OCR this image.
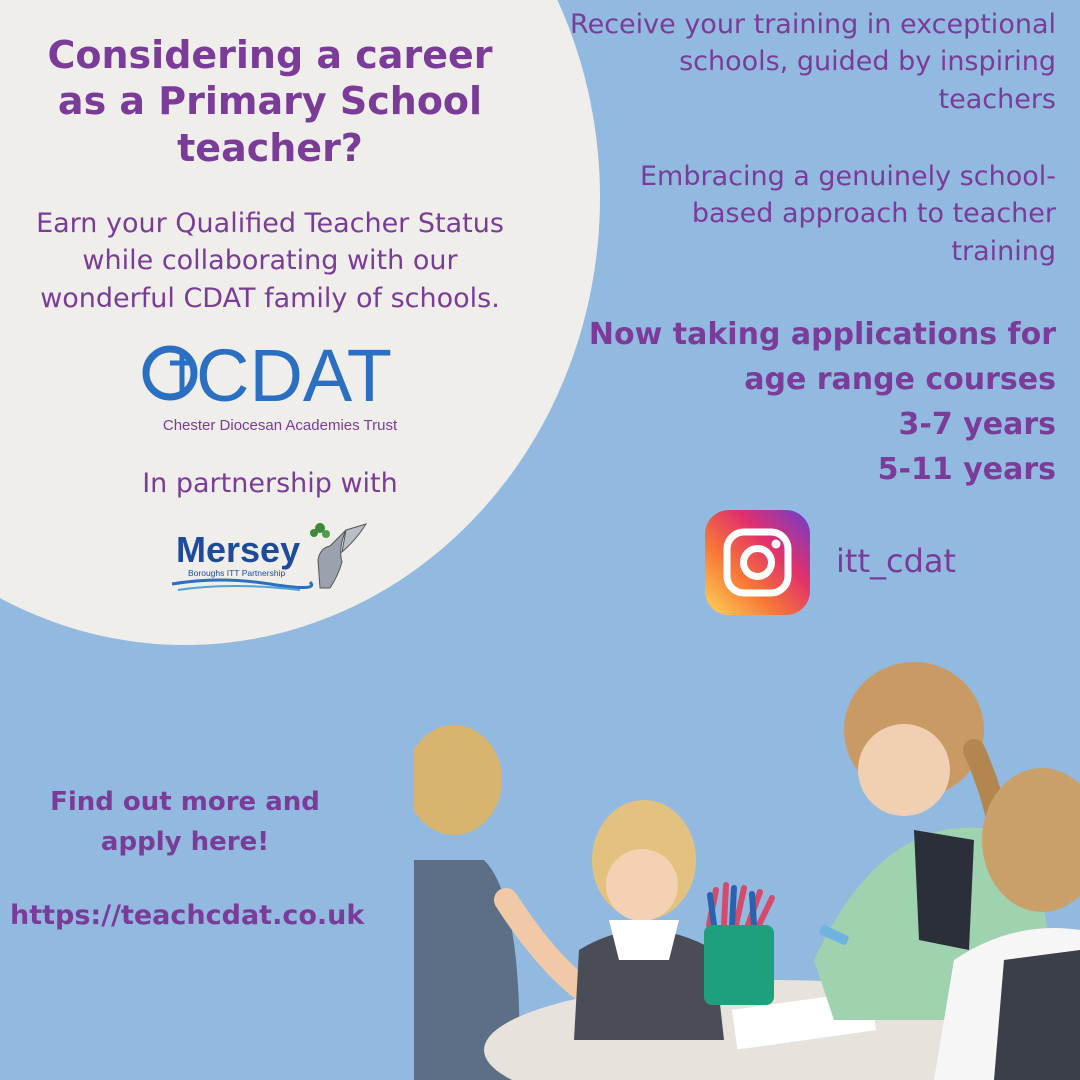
Considering a career as a Primary School teacher?

Earn your Qualified Teacher Status while collaborating with our wonderful CDAT family of schools.

CDAT
Chester Diocesan Academies Trust
In partnership with
Mersey
Boroughs ITT Partnership
Receive your training in exceptional schools, guided by inspiring teachers
Embracing a genuinely school-based approach to teacher training
Now taking applications for
age range courses
3-7 years
5-11 years
itt_cdat
Find out more and
apply here!
https://teachcdat.co.uk
